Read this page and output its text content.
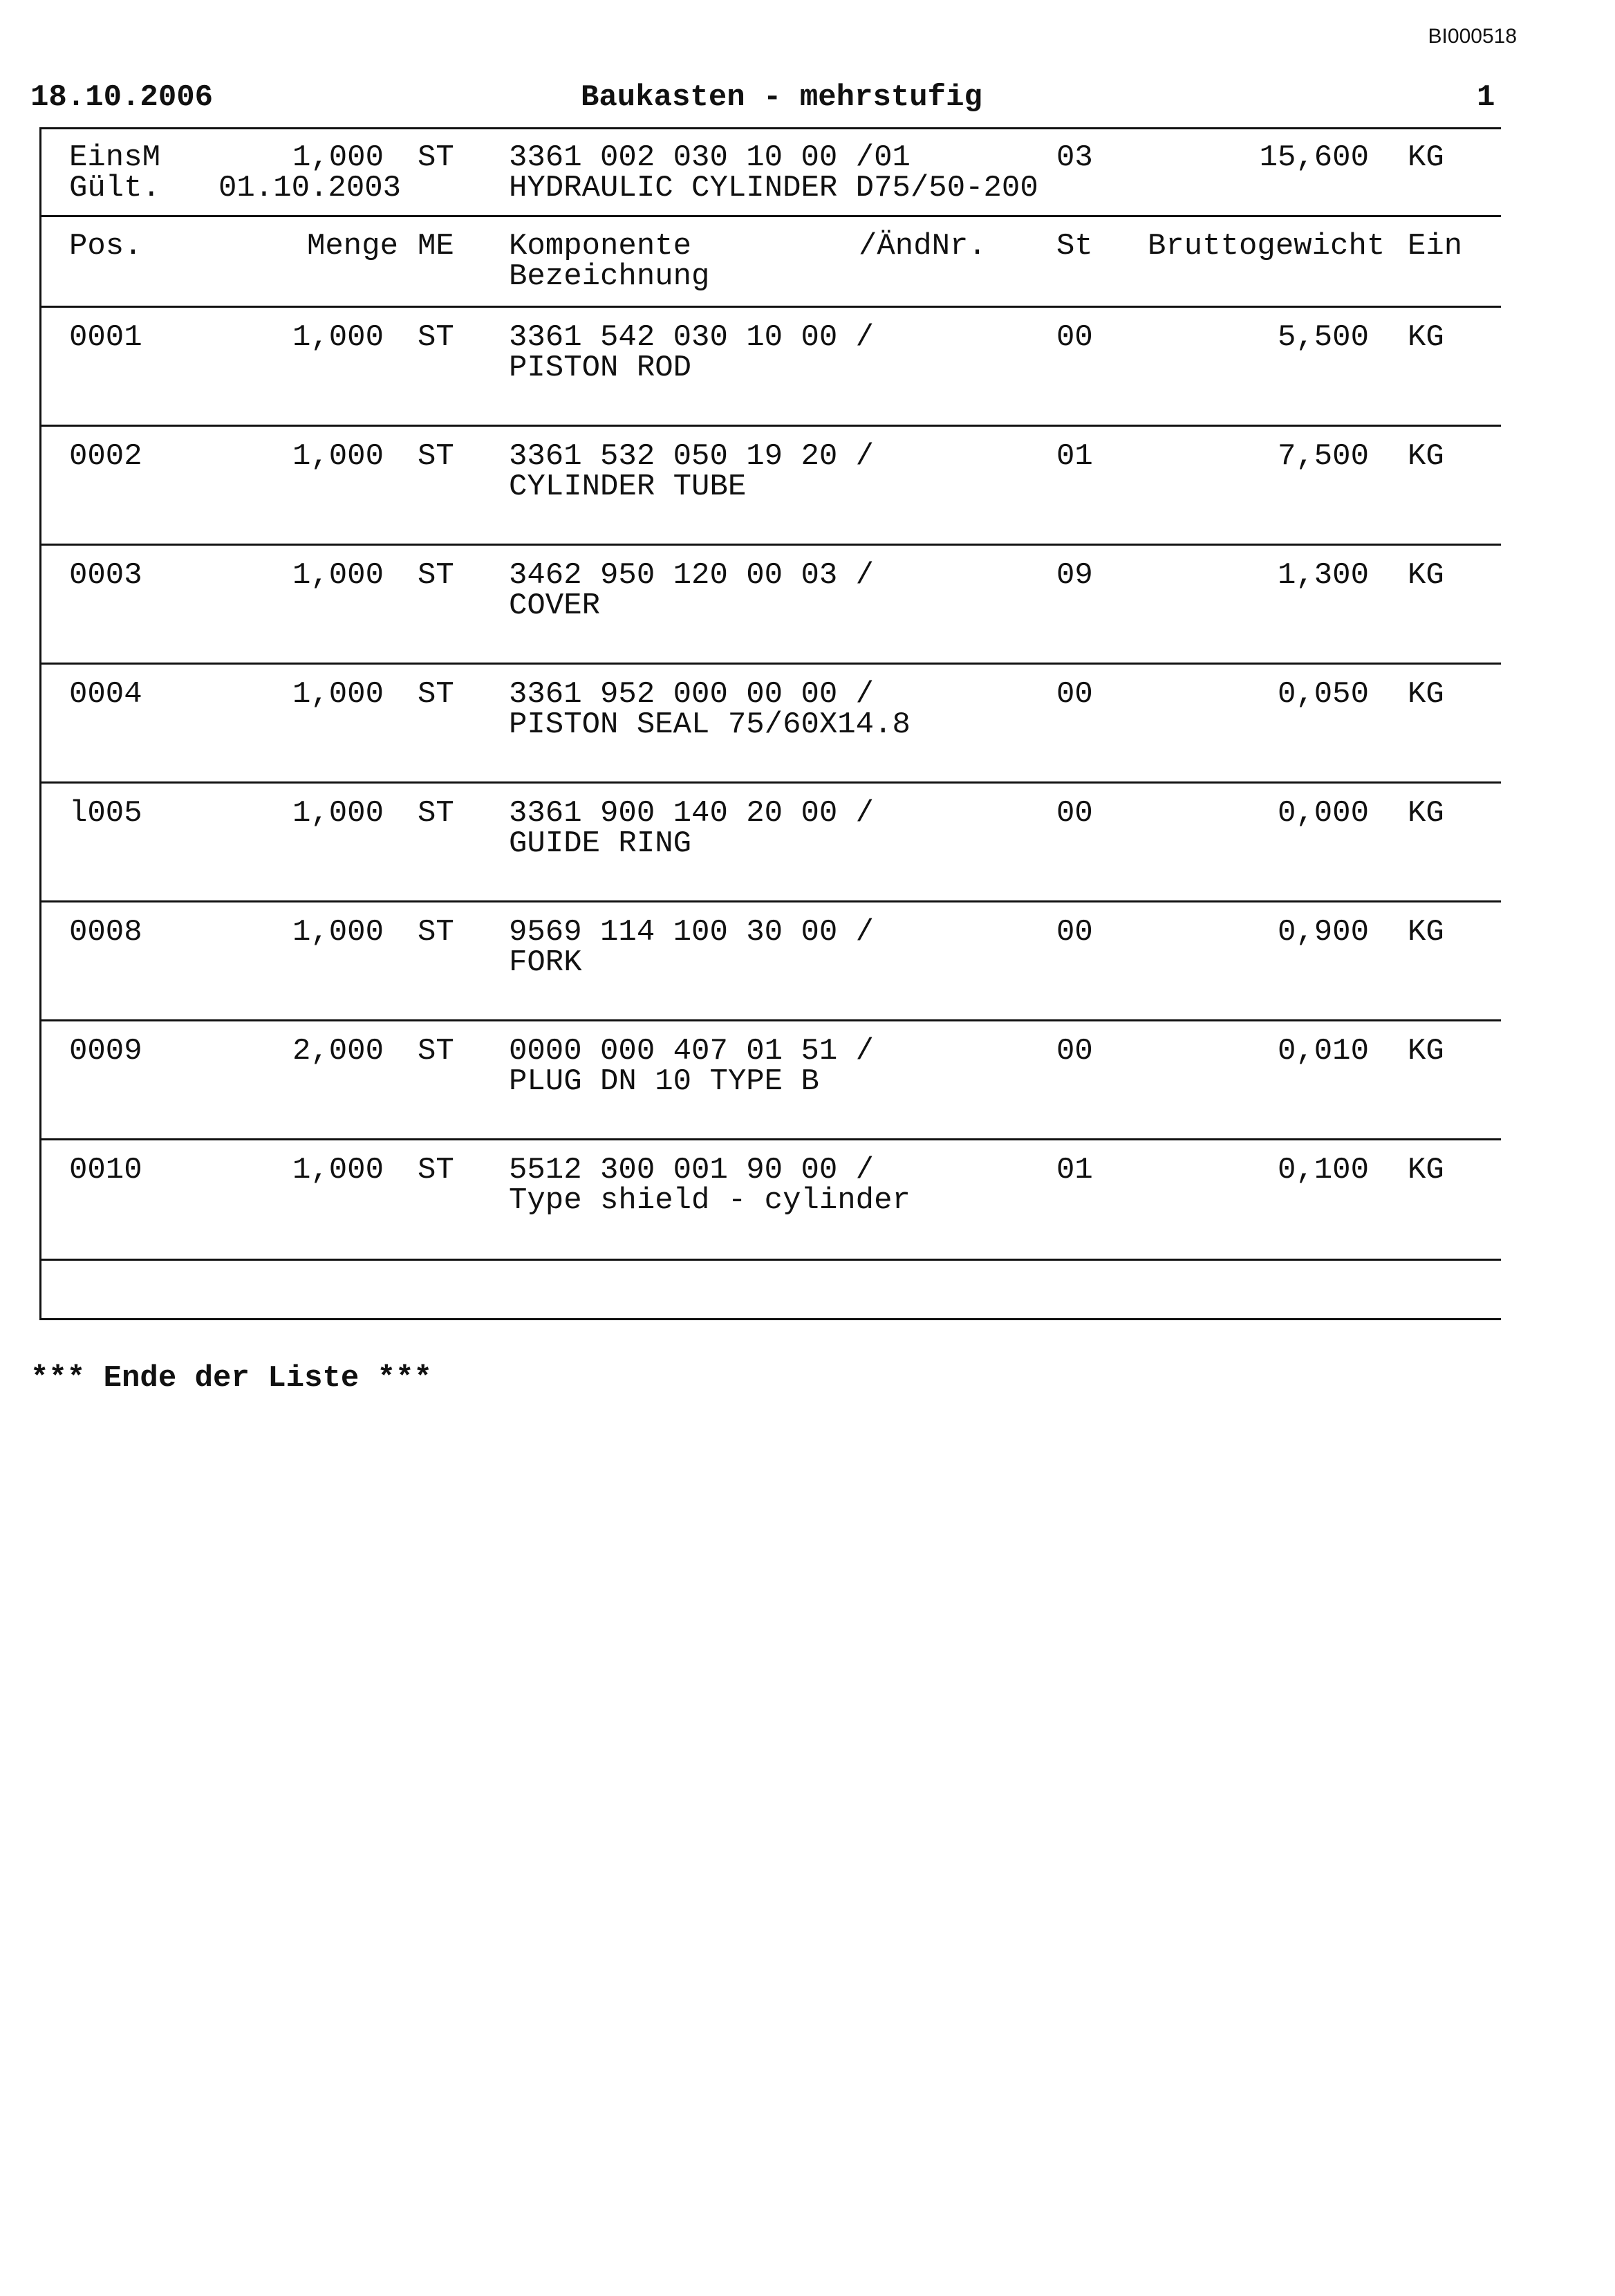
BI000518
18.10.2006	Baukasten - mehrstufig	1
EinsM	1,000 ST 3361 002 030 10 00 /01	03	15,600 KG
Gült. 01.10.2003	HYDRAULIC CYLINDER D75/50-200
Pos.	Menge ME Komponente	/ÄndNr. St Bruttogewicht Ein
Bezeichnung
0001	1,000 ST 3361 542 030 10 00 /	00	5,500 KG
PISTON ROD
0002	1,000 ST 3361 532 050 19 20 /	01	7,500 KG
CYLINDER TUBE
0003	1,000 ST 3462 950 120 00 03 /	09	1,300 KG
COVER
0004	1,000 ST 3361 952 000 00 00 /	00	0,050 KG
PISTON SEAL 75/60X14.8
l005	1,000 ST 3361 900 140 20 00 /	00	0,000 KG
GUIDE RING
0008	1,000 ST 9569 114 100 30 00 /	00	0,900 KG
FORK
0009	2,000 ST 0000 000 407 01 51 /	00	0,010 KG
PLUG DN 10 TYPE B
0010	1,000 ST 5512 300 001 90 00 /	01	0,100 KG
Type shield - cylinder
*** Ende der Liste ***
